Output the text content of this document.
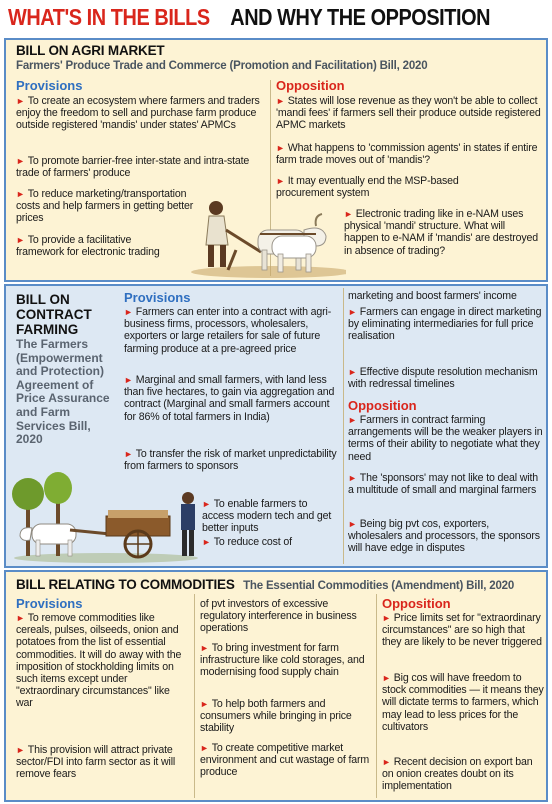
WHAT'S IN THE BILLS AND WHY THE OPPOSITION
BILL ON AGRI MARKET
Farmers' Produce Trade and Commerce (Promotion and Facilitation) Bill, 2020
Provisions	Opposition
► To create an ecosystem where farmers and traders enjoy the freedom to sell and purchase farm produce outside registered 'mandis' under states' APMCs
► To promote barrier-free inter-state and intra-state trade of farmers' produce
► To reduce marketing/transportation costs and help farmers in getting better prices
► To provide a facilitative framework for electronic trading
► States will lose revenue as they won't be able to collect 'mandi fees' if farmers sell their produce outside registered APMC markets
► What happens to 'commission agents' in states if entire farm trade moves out of 'mandis'?
► It may eventually end the MSP-based procurement system
► Electronic trading like in e-NAM uses physical 'mandi' structure. What will happen to e-NAM if 'mandis' are destroyed in absence of trading?
BILL ON CONTRACT FARMING
The Farmers (Empowerment and Protection) Agreement of Price Assurance and Farm Services Bill, 2020
Provisions
► Farmers can enter into a contract with agri-business firms, processors, wholesalers, exporters or large retailers for sale of future farming produce at a pre-agreed price
► Marginal and small farmers, with land less than five hectares, to gain via aggregation and contract (Marginal and small farmers account for 86% of total farmers in India)
► To transfer the risk of market unpredictability from farmers to sponsors
► To enable farmers to access modern tech and get better inputs
► To reduce cost of
marketing and boost farmers' income
► Farmers can engage in direct marketing by eliminating intermediaries for full price realisation
► Effective dispute resolution mechanism with redressal timelines
Opposition
► Farmers in contract farming arrangements will be the weaker players in terms of their ability to negotiate what they need
► The 'sponsors' may not like to deal with a multitude of small and marginal farmers
► Being big pvt cos, exporters, wholesalers and processors, the sponsors will have edge in disputes
BILL RELATING TO COMMODITIES The Essential Commodities (Amendment) Bill, 2020
Provisions
► To remove commodities like cereals, pulses, oilseeds, onion and potatoes from the list of essential commodities. It will do away with the imposition of stockholding limits on such items except under "extraordinary circumstances" like war
► This provision will attract private sector/FDI into farm sector as it will remove fears
of pvt investors of excessive regulatory interference in business operations
► To bring investment for farm infrastructure like cold storages, and modernising food supply chain
► To help both farmers and consumers while bringing in price stability
► To create competitive market environment and cut wastage of farm produce
Opposition
► Price limits set for "extraordinary circumstances" are so high that they are likely to be never triggered
► Big cos will have freedom to stock commodities — it means they will dictate terms to farmers, which may lead to less prices for the cultivators
► Recent decision on export ban on onion creates doubt on its implementation
